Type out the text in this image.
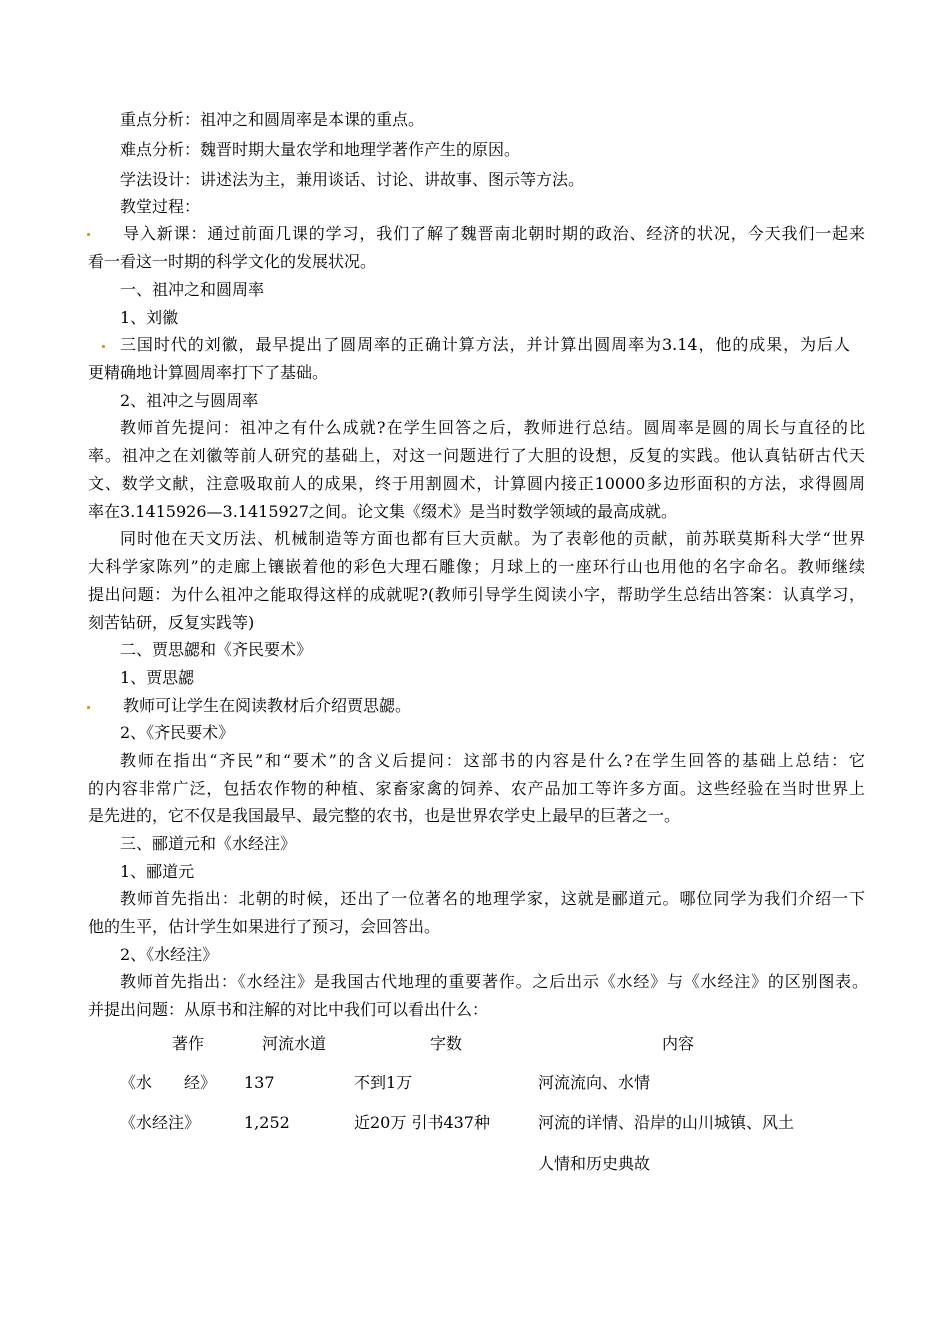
重点分析：祖冲之和圆周率是本课的重点。
难点分析：魏晋时期大量农学和地理学著作产生的原因。
学法设计：讲述法为主，兼用谈话、讨论、讲故事、图示等方法。
教堂过程：
导入新课：通过前面几课的学习，我们了解了魏晋南北朝时期的政治、经济的状况，今天我们一起来
看一看这一时期的科学文化的发展状况。
一、祖冲之和圆周率
1、刘徽
三国时代的刘徽，最早提出了圆周率的正确计算方法，并计算出圆周率为3.14，他的成果，为后人
更精确地计算圆周率打下了基础。
2、祖冲之与圆周率
教师首先提问：祖冲之有什么成就?在学生回答之后，教师进行总结。圆周率是圆的周长与直径的比
率。祖冲之在刘徽等前人研究的基础上，对这一问题进行了大胆的设想，反复的实践。他认真钻研古代天
文、数学文献，注意吸取前人的成果，终于用割圆术，计算圆内接正10000多边形面积的方法，求得圆周
率在3.1415926—3.1415927之间。论文集《缀术》是当时数学领域的最高成就。
同时他在天文历法、机械制造等方面也都有巨大贡献。为了表彰他的贡献，前苏联莫斯科大学“世界
大科学家陈列”的走廊上镶嵌着他的彩色大理石雕像；月球上的一座环行山也用他的名字命名。教师继续
提出问题：为什么祖冲之能取得这样的成就呢?(教师引导学生阅读小字，帮助学生总结出答案：认真学习，
刻苦钻研，反复实践等)
二、贾思勰和《齐民要术》
1、贾思勰
教师可让学生在阅读教材后介绍贾思勰。
2、《齐民要术》
教师在指出“齐民”和“要术”的含义后提问：这部书的内容是什么?在学生回答的基础上总结：它
的内容非常广泛，包括农作物的种植、家畜家禽的饲养、农产品加工等许多方面。这些经验在当时世界上
是先进的，它不仅是我国最早、最完整的农书，也是世界农学史上最早的巨著之一。
三、郦道元和《水经注》
1、郦道元
教师首先指出：北朝的时候，还出了一位著名的地理学家，这就是郦道元。哪位同学为我们介绍一下
他的生平，估计学生如果进行了预习，会回答出。
2、《水经注》
教师首先指出：《水经注》是我国古代地理的重要著作。之后出示《水经》与《水经注》的区别图表。
并提出问题：从原书和注解的对比中我们可以看出什么：
著作	河流水道	字数	内容
《水　　经》 137	不到1万	河流流向、水情
《水经注》	1,252	近20万 引书437种	河流的详情、沿岸的山川城镇、风土
人情和历史典故
